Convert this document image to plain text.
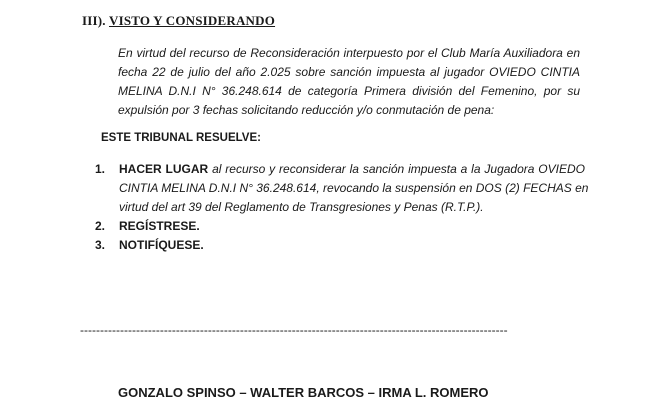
III). VISTO Y CONSIDERANDO
En virtud del recurso de Reconsideración interpuesto por el Club María Auxiliadora en
fecha 22 de julio del año 2.025 sobre sanción impuesta al jugador OVIEDO CINTIA
MELINA D.N.I N° 36.248.614 de categoría Primera división del Femenino, por su
expulsión por 3 fechas solicitando reducción y/o conmutación de pena:
ESTE TRIBUNAL RESUELVE:
1.	HACER LUGAR al recurso y reconsiderar la sanción impuesta a la Jugadora OVIEDO
CINTIA MELINA D.N.I N° 36.248.614, revocando la suspensión en DOS (2) FECHAS en
virtud del art 39 del Reglamento de Transgresiones y Penas (R.T.P.).
2.	REGÍSTRESE.
3.	NOTIFÍQUESE.
-----------------------------------------------------------------------------------------------------------
GONZALO SPINSO – WALTER BARCOS – IRMA L. ROMERO
